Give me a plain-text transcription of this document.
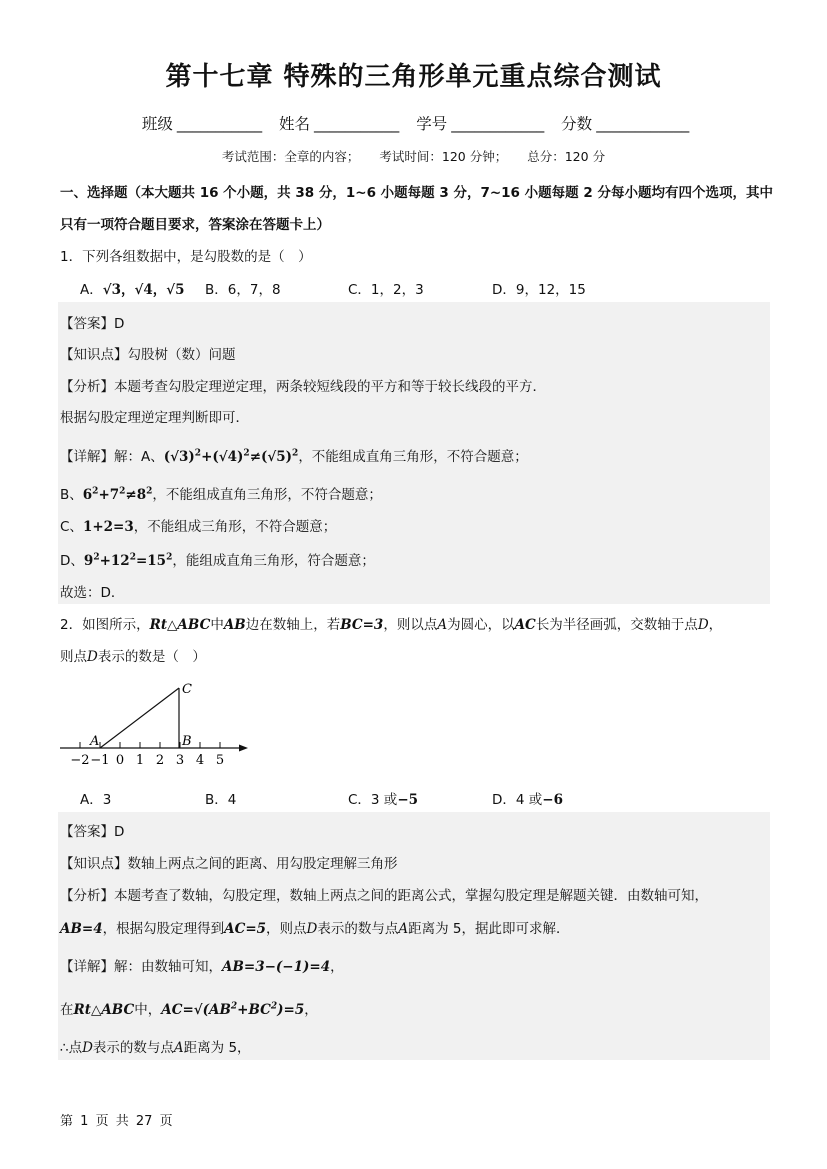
第十七章 特殊的三角形单元重点综合测试
班级 ___________ 姓名 ___________ 学号 ____________ 分数 ____________
考试范围：全章的内容； 考试时间：120 分钟； 总分：120 分
一、选择题（本大题共 16 个小题，共 38 分，1~6 小题每题 3 分，7~16 小题每题 2 分每小题均有四个选项，其中只有一项符合题目要求，答案涂在答题卡上）
1．下列各组数据中，是勾股数的是（　）
A．√3，√4，√5 B．6，7，8	C．1，2，3	D．9，12，15
【答案】D
【知识点】勾股树（数）问题
【分析】本题考查勾股定理逆定理，两条较短线段的平方和等于较长线段的平方．
根据勾股定理逆定理判断即可．
【详解】解：A、$(√3)^2+(√4)^2\ne(√5)^2$，不能组成直角三角形，不符合题意；
B、$6^2+7^2\ne 8^2$，不能组成直角三角形，不符合题意；
C、1+2=3，不能组成三角形，不符合题意；
D、$9^2+12^2=15^2$，能组成直角三角形，符合题意；
故选：D．
2．如图所示，Rt△ABC中AB边在数轴上，若BC=3，则以点A为圆心，以AC长为半径画弧，交数轴于点D，
则点D表示的数是（　）
C
A	B
−2 −1 0 1 2 3 4 5
A．3	B．4	C．3 或−5	D．4 或−6
【答案】D
【知识点】数轴上两点之间的距离、用勾股定理解三角形
【分析】本题考查了数轴，勾股定理，数轴上两点之间的距离公式，掌握勾股定理是解题关键．由数轴可知，
AB=4，根据勾股定理得到AC=5，则点D表示的数与点A距离为 5，据此即可求解．
【详解】解：由数轴可知，AB=3−(−1)=4，
在Rt△ABC中，$AC=√(AB^2+BC^2)=5$，
∴点D表示的数与点A距离为 5，
第 1 页 共 27 页
